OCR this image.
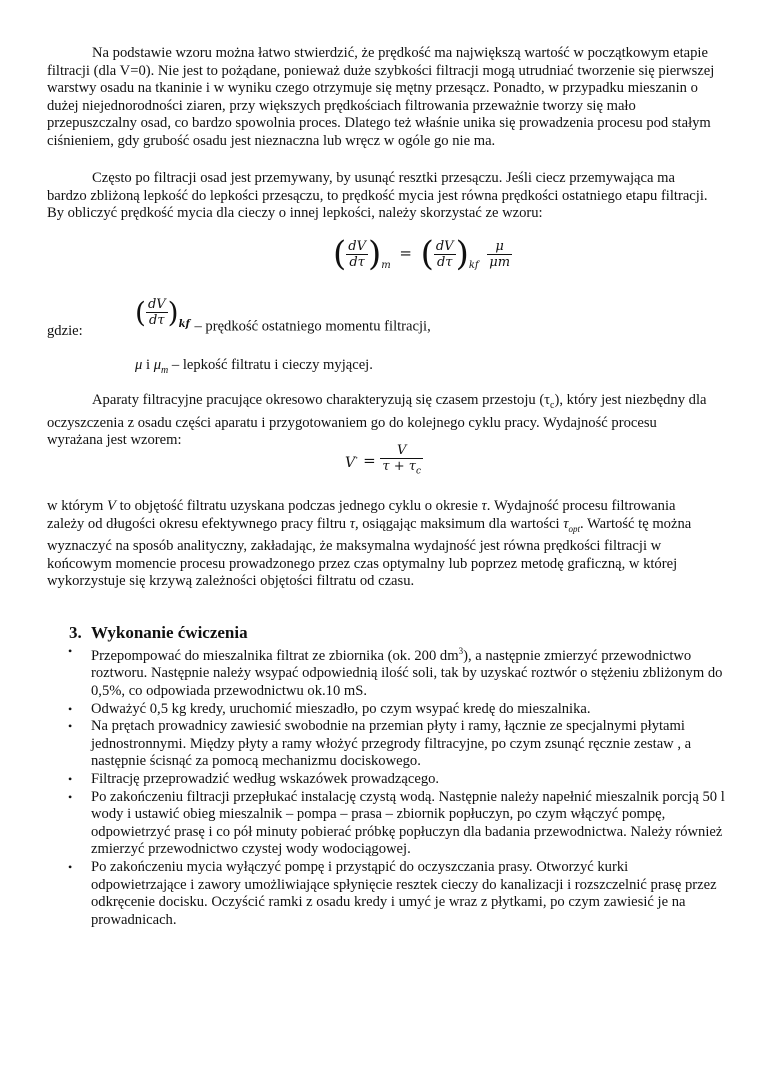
Na podstawie wzoru można łatwo stwierdzić, że prędkość ma największą wartość w początkowym etapie filtracji (dla V=0). Nie jest to pożądane, ponieważ duże szybkości filtracji mogą utrudniać tworzenie się pierwszej warstwy osadu na tkaninie i w wyniku czego otrzymuje się mętny przesącz. Ponadto, w przypadku mieszanin o dużej niejednorodności ziaren, przy większych prędkościach filtrowania przeważnie tworzy się mało przepuszczalny osad, co bardzo spowolnia proces. Dlatego też właśnie unika się prowadzenia procesu pod stałym ciśnieniem, gdy grubość osadu jest nieznaczna lub wręcz w ogóle go nie ma.

Często po filtracji osad jest przemywany, by usunąć resztki przesączu. Jeśli ciecz przemywająca ma bardzo zbliżoną lepkość do lepkości przesączu, to prędkość mycia jest równa prędkości ostatniego etapu filtracji. By obliczyć prędkość mycia dla cieczy o innej lepkości, należy skorzystać ze wzoru:

( $\frac{dV}{d\tau} )_m$ = ( $\frac{dV}{d\tau} )_{kf} \frac{\mu}{\mu m}$
gdzie:
( $\frac{dV}{d\tau} )_{kf}$ – prędkość ostatniego momentu filtracji,
μ i $\mu_m$ – lepkość filtratu i cieczy myjącej.

Aparaty filtracyjne pracujące okresowo charakteryzują się czasem przestoju $(\tau_c)$, który jest niezbędny dla oczyszczenia z osadu części aparatu i przygotowaniem go do kolejnego cyklu pracy. Wydajność procesu wyrażana jest wzorem:

$V^\cdot = \frac{V}{\tau + \tau_c}$

w którym V to objętość filtratu uzyskana podczas jednego cyklu o okresie τ. Wydajność procesu filtrowania zależy od długości okresu efektywnego pracy filtru τ, osiągając maksimum dla wartości $\tau_{opt}$. Wartość tę można wyznaczyć na sposób analityczny, zakładając, że maksymalna wydajność jest równa prędkości filtracji w końcowym momencie procesu prowadzonego przez czas optymalny lub poprzez metodę graficzną, w której wykorzystuje się krzywą zależności objętości filtratu od czasu.

3. Wykonanie ćwiczenia
• Przepompować do mieszalnika filtrat ze zbiornika (ok. 200 $dm^3$), a następnie zmierzyć przewodnictwo roztworu. Następnie należy wsypać odpowiednią ilość soli, tak by uzyskać roztwór o stężeniu zbliżonym do 0,5%, co odpowiada przewodnictwu ok.10 mS.
• Odważyć 0,5 kg kredy, uruchomić mieszadło, po czym wsypać kredę do mieszalnika.
• Na prętach prowadnicy zawiesić swobodnie na przemian płyty i ramy, łącznie ze specjalnymi płytami jednostronnymi. Między płyty a ramy włożyć przegrody filtracyjne, po czym zsunąć ręcznie zestaw , a następnie ścisnąć za pomocą mechanizmu dociskowego.
• Filtrację przeprowadzić według wskazówek prowadzącego.
• Po zakończeniu filtracji przepłukać instalację czystą wodą. Następnie należy napełnić mieszalnik porcją 50 l wody i ustawić obieg mieszalnik – pompa – prasa – zbiornik popłuczyn, po czym włączyć pompę, odpowietrzyć prasę i co pół minuty pobierać próbkę popłuczyn dla badania przewodnictwa. Należy również zmierzyć przewodnictwo czystej wody wodociągowej.
• Po zakończeniu mycia wyłączyć pompę i przystąpić do oczyszczania prasy. Otworzyć kurki odpowietrzające i zawory umożliwiające spłynięcie resztek cieczy do kanalizacji i rozszczelnić prasę przez odkręcenie docisku. Oczyścić ramki z osadu kredy i umyć je wraz z płytkami, po czym zawiesić je na prowadnicach.
